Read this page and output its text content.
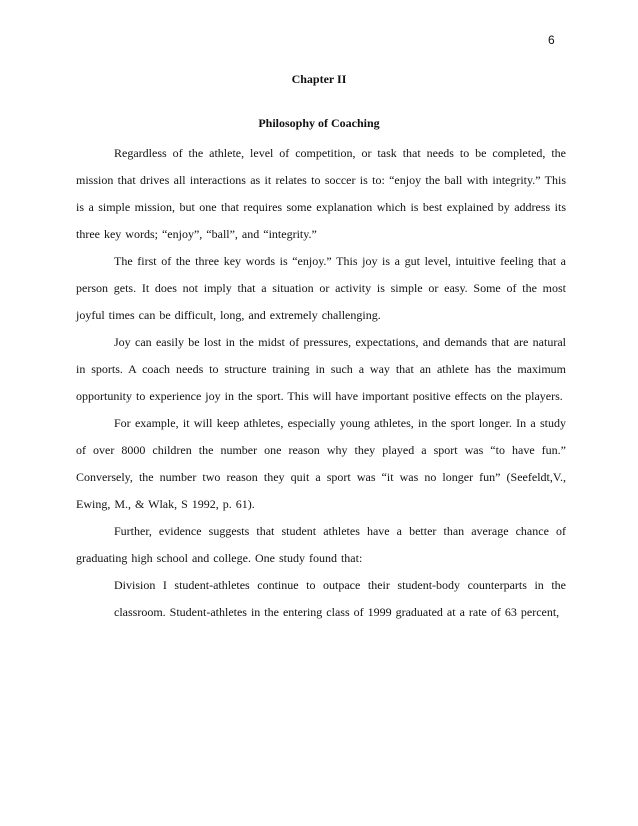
6
Chapter II
Philosophy of Coaching

Regardless of the athlete, level of competition, or task that needs to be completed, the mission that drives all interactions as it relates to soccer is to: “enjoy the ball with integrity.” This is a simple mission, but one that requires some explanation which is best explained by address its three key words; “enjoy”, “ball”, and “integrity.”

The first of the three key words is “enjoy.” This joy is a gut level, intuitive feeling that a person gets. It does not imply that a situation or activity is simple or easy. Some of the most joyful times can be difficult, long, and extremely challenging.

Joy can easily be lost in the midst of pressures, expectations, and demands that are natural in sports. A coach needs to structure training in such a way that an athlete has the maximum opportunity to experience joy in the sport. This will have important positive effects on the players.

For example, it will keep athletes, especially young athletes, in the sport longer. In a study of over 8000 children the number one reason why they played a sport was “to have fun.” Conversely, the number two reason they quit a sport was “it was no longer fun” (Seefeldt,V., Ewing, M., & Wlak, S 1992, p. 61).

Further, evidence suggests that student athletes have a better than average chance of graduating high school and college. One study found that:

Division I student-athletes continue to outpace their student-body counterparts in the classroom. Student-athletes in the entering class of 1999 graduated at a rate of 63 percent,
